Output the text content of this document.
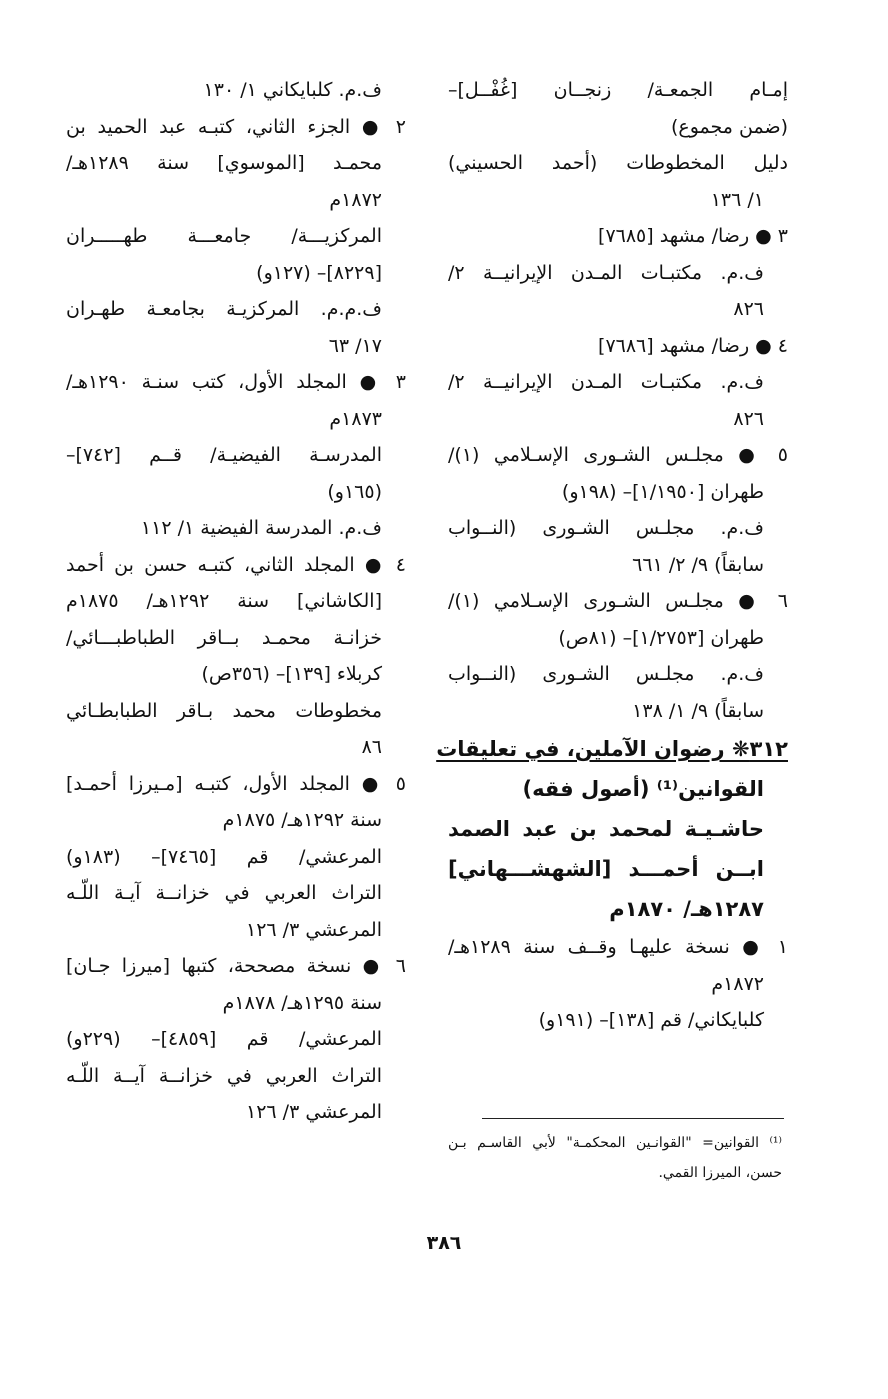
إمـام الجمعـة/ زنجــان [غُفْــل]–
(ضمن مجموع)
دليل المخطوطات (أحمد الحسيني)
١/ ١٣٦
٣ ● رضا/ مشهد [٧٦٨٥]
ف.م. مكتبـات المـدن الإيرانيــة ٢/
٨٢٦
٤ ● رضا/ مشهد [٧٦٨٦]
ف.م. مكتبـات المـدن الإيرانيــة ٢/
٨٢٦
٥ ● مجلـس الشـورى الإسـلامي (١)/
طهران [١/١٩٥٠]– (١٩٨و)
ف.م. مجلـس الشـورى (النــواب
سابقاً) ٩/ ٢/ ٦٦١
٦ ● مجلـس الشـورى الإسـلامي (١)/
طهران [١/٢٧٥٣]– (٨١ص)
ف.م. مجلـس الشـورى (النــواب
سابقاً) ٩/ ١/ ١٣٨
٣١٢❋ رضوان الآملين، في تعليقات
القوانين⁽¹⁾ (أصول فقه)
حاشـيـة لمحمد بن عبد الصمد
ابــن أحمـــد [الشهشـــهاني]
١٢٨٧هـ/ ١٨٧٠م
١ ● نسخة عليهـا وقــف سنة ١٢٨٩هـ/
١٨٧٢م
كلبايكاني/ قم [١٣٨]– (١٩١و)
ف.م. كلبايكاني ١/ ١٣٠
٢ ● الجزء الثاني، كتبـه عبد الحميد بن
محمـد [الموسوي] سنة ١٢٨٩هـ/
١٨٧٢م
المركزيـــة/ جامعـــة طهـــــران
[٨٢٢٩]– (١٢٧و)
ف.م.م. المركزيـة بجامعـة طهـران
١٧/ ٦٣
٣ ● المجلد الأول، كتب سنـة ١٢٩٠هـ/
١٨٧٣م
المدرسـة الفيضيـة/ قــم [٧٤٢]–
(١٦٥و)
ف.م. المدرسة الفيضية ١/ ١١٢
٤ ● المجلد الثاني، كتبـه حسن بن أحمد
[الكاشاني] سنة ١٢٩٢هـ/ ١٨٧٥م
خزانـة محمـد بــاقر الطباطبـــائي/
كربلاء [١٣٩]– (٣٥٦ص)
مخطوطات محمد بـاقر الطبابطـائي
٨٦
٥ ● المجلد الأول، كتبـه [مـيرزا أحمـد]
سنة ١٢٩٢هـ/ ١٨٧٥م
المرعشي/ قم [٧٤٦٥]– (١٨٣و)
التراث العربي في خزانــة آيـة اللّـه
المرعشي ٣/ ١٢٦
٦ ● نسخة مصححة، كتبها [ميرزا جـان]
سنة ١٢٩٥هـ/ ١٨٧٨م
المرعشي/ قم [٤٨٥٩]– (٢٢٩و)
التراث العربي في خزانــة آيــة اللّـه
المرعشي ٣/ ١٢٦
⁽¹⁾ القوانين= "القوانـين المحكمـة" لأبي القاسـم بـن
حسن، الميرزا القمي.
٣٨٦
